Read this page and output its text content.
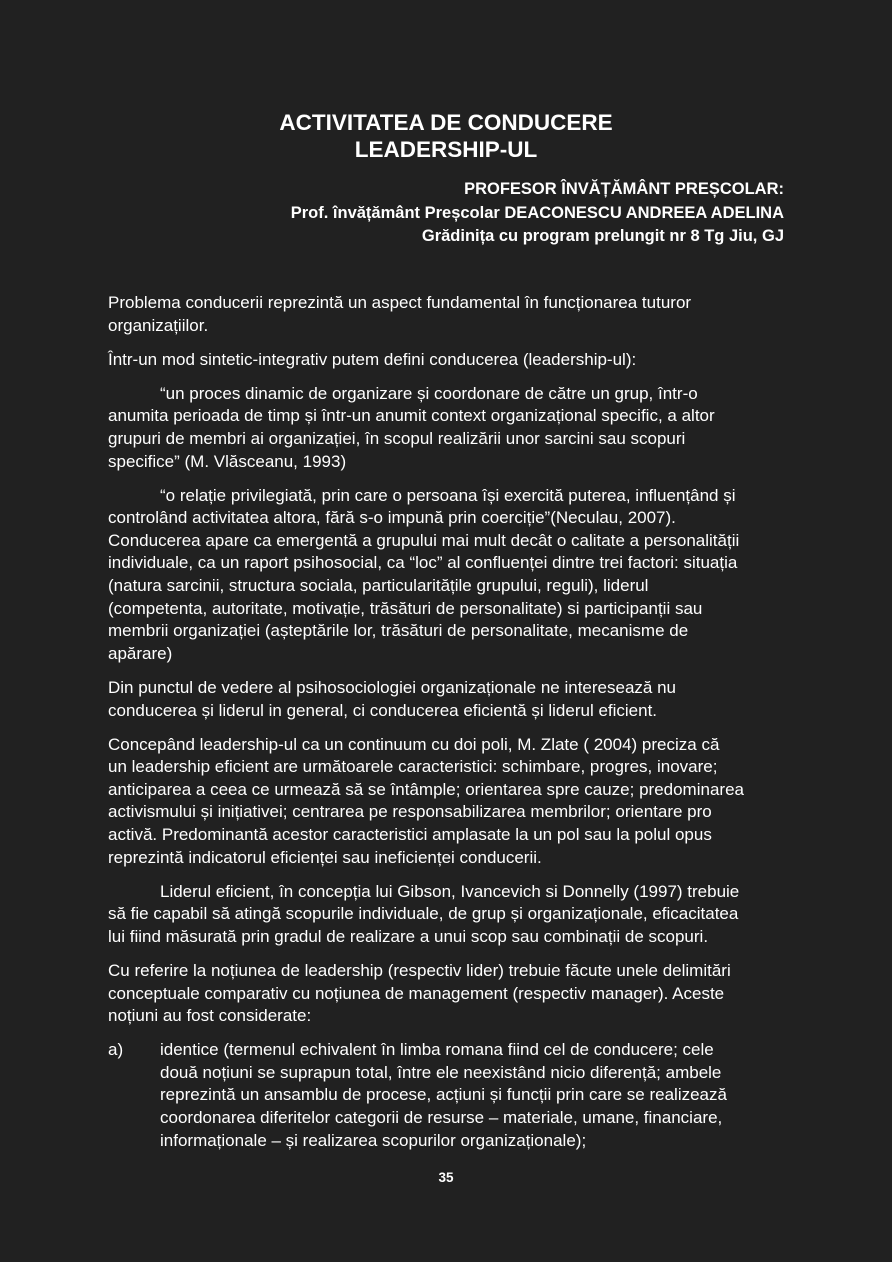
ACTIVITATEA DE CONDUCERE
LEADERSHIP-UL
PROFESOR ÎNVĂȚĂMÂNT PREȘCOLAR:
Prof. învățământ Preșcolar DEACONESCU ANDREEA ADELINA
Grădinița cu program prelungit nr 8 Tg Jiu, GJ
Problema conducerii reprezintă un aspect fundamental în funcționarea tuturor
organizațiilor.
Într-un mod sintetic-integrativ putem defini conducerea (leadership-ul):
“un proces dinamic de organizare și coordonare de către un grup, într-o
anumita perioada de timp și într-un anumit context organizațional specific, a altor
grupuri de membri ai organizației, în scopul realizării unor sarcini sau scopuri
specifice” (M. Vlăsceanu, 1993)
“o relație privilegiată, prin care o persoana își exercită puterea, influențând și
controlând activitatea altora, fără s-o impună prin coerciție”(Neculau, 2007).
Conducerea apare ca emergentă a grupului mai mult decât o calitate a personalității
individuale, ca un raport psihosocial, ca “loc” al confluenței dintre trei factori: situația
(natura sarcinii, structura sociala, particularitățile grupului, reguli), liderul
(competenta, autoritate, motivație, trăsături de personalitate) si participanții sau
membrii organizației (așteptările lor, trăsături de personalitate, mecanisme de
apărare)
Din punctul de vedere al psihosociologiei organizaționale ne interesează nu
conducerea și liderul in general, ci conducerea eficientă și liderul eficient.
Concepând leadership-ul ca un continuum cu doi poli, M. Zlate ( 2004) preciza că
un leadership eficient are următoarele caracteristici: schimbare, progres, inovare;
anticiparea a ceea ce urmează să se întâmple; orientarea spre cauze; predominarea
activismului și inițiativei; centrarea pe responsabilizarea membrilor; orientare pro
activă. Predominantă acestor caracteristici amplasate la un pol sau la polul opus
reprezintă indicatorul eficienței sau ineficienței conducerii.
Liderul eficient, în concepția lui Gibson, Ivancevich si Donnelly (1997) trebuie
să fie capabil să atingă scopurile individuale, de grup și organizaționale, eficacitatea
lui fiind măsurată prin gradul de realizare a unui scop sau combinații de scopuri.
Cu referire la noțiunea de leadership (respectiv lider) trebuie făcute unele delimitări
conceptuale comparativ cu noțiunea de management (respectiv manager). Aceste
noțiuni au fost considerate:
a) identice (termenul echivalent în limba romana fiind cel de conducere; cele
două noțiuni se suprapun total, între ele neexistând nicio diferență; ambele
reprezintă un ansamblu de procese, acțiuni și funcții prin care se realizează
coordonarea diferitelor categorii de resurse – materiale, umane, financiare,
informaționale – și realizarea scopurilor organizaționale);
35
